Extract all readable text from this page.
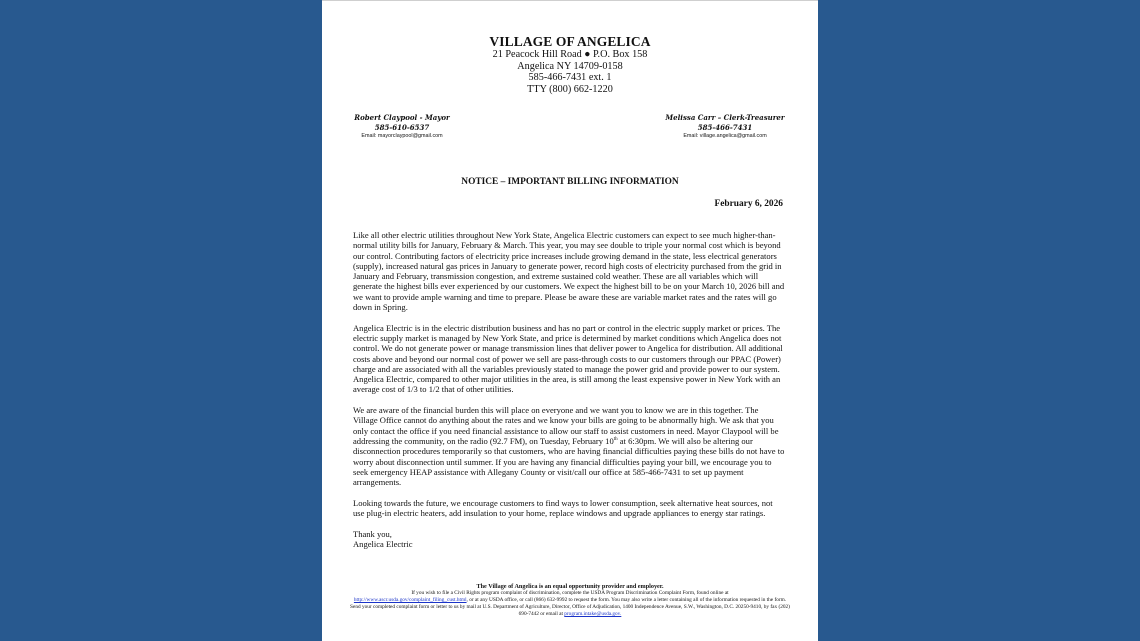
VILLAGE OF ANGELICA
21 Peacock Hill Road ● P.O. Box 158
Angelica NY 14709-0158
585-466-7431 ext. 1
TTY (800) 662-1220
Robert Claypool - Mayor
585-610-6537
Email: mayorclaypool@gmail.com
Melissa Carr – Clerk-Treasurer
585-466-7431
Email: village.angelica@gmail.com
NOTICE – IMPORTANT BILLING INFORMATION
February 6, 2026

Like all other electric utilities throughout New York State, Angelica Electric customers can expect to see much higher-than-normal utility bills for January, February & March. This year, you may see double to triple your normal cost which is beyond our control. Contributing factors of electricity price increases include growing demand in the state, less electrical generators (supply), increased natural gas prices in January to generate power, record high costs of electricity purchased from the grid in January and February, transmission congestion, and extreme sustained cold weather. These are all variables which will generate the highest bills ever experienced by our customers. We expect the highest bill to be on your March 10, 2026 bill and we want to provide ample warning and time to prepare. Please be aware these are variable market rates and the rates will go down in Spring.

Angelica Electric is in the electric distribution business and has no part or control in the electric supply market or prices. The electric supply market is managed by New York State, and price is determined by market conditions which Angelica does not control. We do not generate power or manage transmission lines that deliver power to Angelica for distribution. All additional costs above and beyond our normal cost of power we sell are pass-through costs to our customers through our PPAC (Power) charge and are associated with all the variables previously stated to manage the power grid and provide power to our system. Angelica Electric, compared to other major utilities in the area, is still among the least expensive power in New York with an average cost of 1/3 to 1/2 that of other utilities.

We are aware of the financial burden this will place on everyone and we want you to know we are in this together. The Village Office cannot do anything about the rates and we know your bills are going to be abnormally high. We ask that you only contact the office if you need financial assistance to allow our staff to assist customers in need. Mayor Claypool will be addressing the community, on the radio (92.7 FM), on Tuesday, February 10th at 6:30pm. We will also be altering our disconnection procedures temporarily so that customers, who are having financial difficulties paying these bills do not have to worry about disconnection until summer. If you are having any financial difficulties paying your bill, we encourage you to seek emergency HEAP assistance with Allegany County or visit/call our office at 585-466-7431 to set up payment arrangements.

Looking towards the future, we encourage customers to find ways to lower consumption, seek alternative heat sources, not use plug-in electric heaters, add insulation to your home, replace windows and upgrade appliances to energy star ratings.

Thank you,
Angelica Electric
The Village of Angelica is an equal opportunity provider and employer.
If you wish to file a Civil Rights program complaint of discrimination, complete the USDA Program Discrimination Complaint Form, found online at
http://www.ascr.usda.gov/complaint_filing_cust.html, or at any USDA office, or call (866) 632-9992 to request the form. You may also write a letter containing all of the information requested in the form. Send your completed complaint form or letter to us by mail at U.S. Department of Agriculture, Director, Office of Adjudication, 1400 Independence Avenue, S.W., Washington, D.C. 20250-9410, by fax (202) 690-7442 or email at program.intake@usda.gov.
